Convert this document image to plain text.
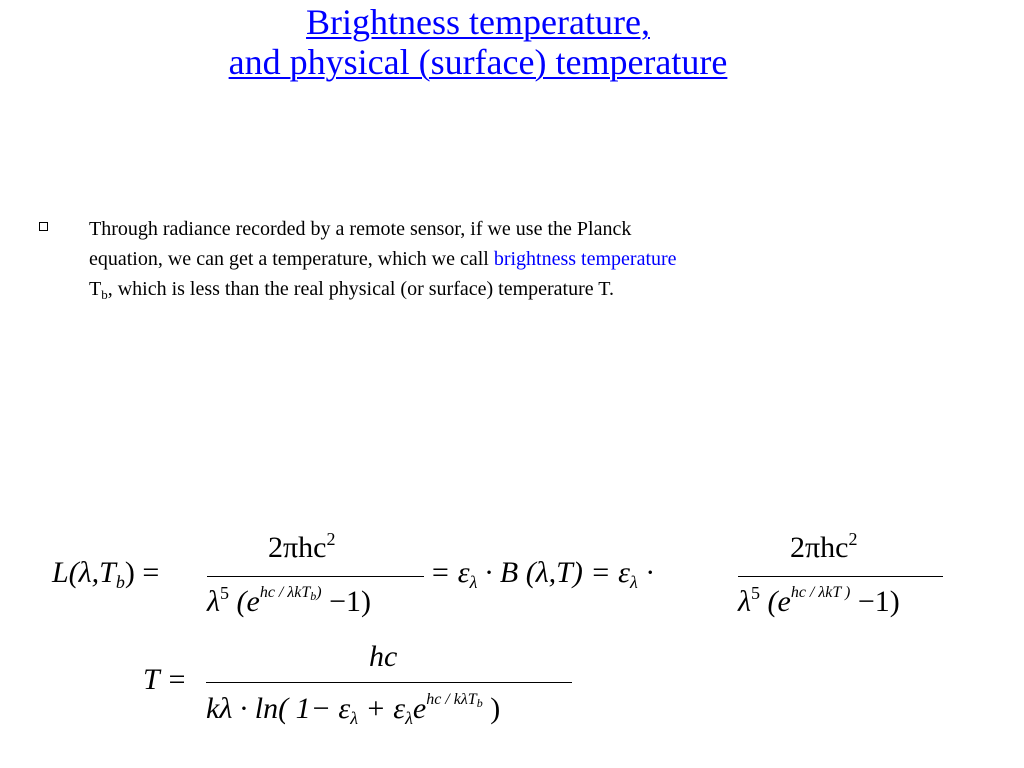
Brightness temperature,
and physical (surface) temperature
Through radiance recorded by a remote sensor, if we use the Planck equation, we can get a temperature, which we call brightness temperature $T_b$, which is less than the real physical (or surface) temperature T.
$L(\lambda,T_b)$ =
2πhc$^2$
$\lambda^5$ $(e^{hc / \lambda kT_b)} -1)$
= $\varepsilon_\lambda \cdot B$ $(\lambda,T) = \varepsilon_\lambda$ ·
2πhc$^2$
$\lambda^5$ $(e^{hc / \lambda kT )} -1)$
T =
hc
kλ · ln( $1- \varepsilon_\lambda + \varepsilon_\lambda e^{hc / k\lambda T_b}$ )
